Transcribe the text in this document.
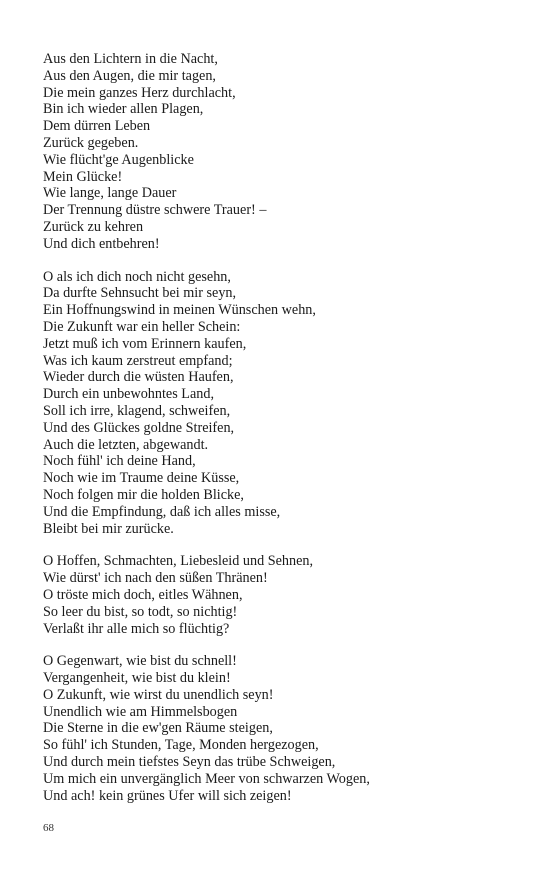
Aus den Lichtern in die Nacht,
Aus den Augen, die mir tagen,
Die mein ganzes Herz durchlacht,
Bin ich wieder allen Plagen,
Dem dürren Leben
Zurück gegeben.
Wie flücht'ge Augenblicke
Mein Glücke!
Wie lange, lange Dauer
Der Trennung düstre schwere Trauer! –
Zurück zu kehren
Und dich entbehren!
O als ich dich noch nicht gesehn,
Da durfte Sehnsucht bei mir seyn,
Ein Hoffnungswind in meinen Wünschen wehn,
Die Zukunft war ein heller Schein:
Jetzt muß ich vom Erinnern kaufen,
Was ich kaum zerstreut empfand;
Wieder durch die wüsten Haufen,
Durch ein unbewohntes Land,
Soll ich irre, klagend, schweifen,
Und des Glückes goldne Streifen,
Auch die letzten, abgewandt.
Noch fühl' ich deine Hand,
Noch wie im Traume deine Küsse,
Noch folgen mir die holden Blicke,
Und die Empfindung, daß ich alles misse,
Bleibt bei mir zurücke.
O Hoffen, Schmachten, Liebesleid und Sehnen,
Wie dürst' ich nach den süßen Thränen!
O tröste mich doch, eitles Wähnen,
So leer du bist, so todt, so nichtig!
Verlaßt ihr alle mich so flüchtig?
O Gegenwart, wie bist du schnell!
Vergangenheit, wie bist du klein!
O Zukunft, wie wirst du unendlich seyn!
Unendlich wie am Himmelsbogen
Die Sterne in die ew'gen Räume steigen,
So fühl' ich Stunden, Tage, Monden hergezogen,
Und durch mein tiefstes Seyn das trübe Schweigen,
Um mich ein unvergänglich Meer von schwarzen Wogen,
Und ach! kein grünes Ufer will sich zeigen!
68
